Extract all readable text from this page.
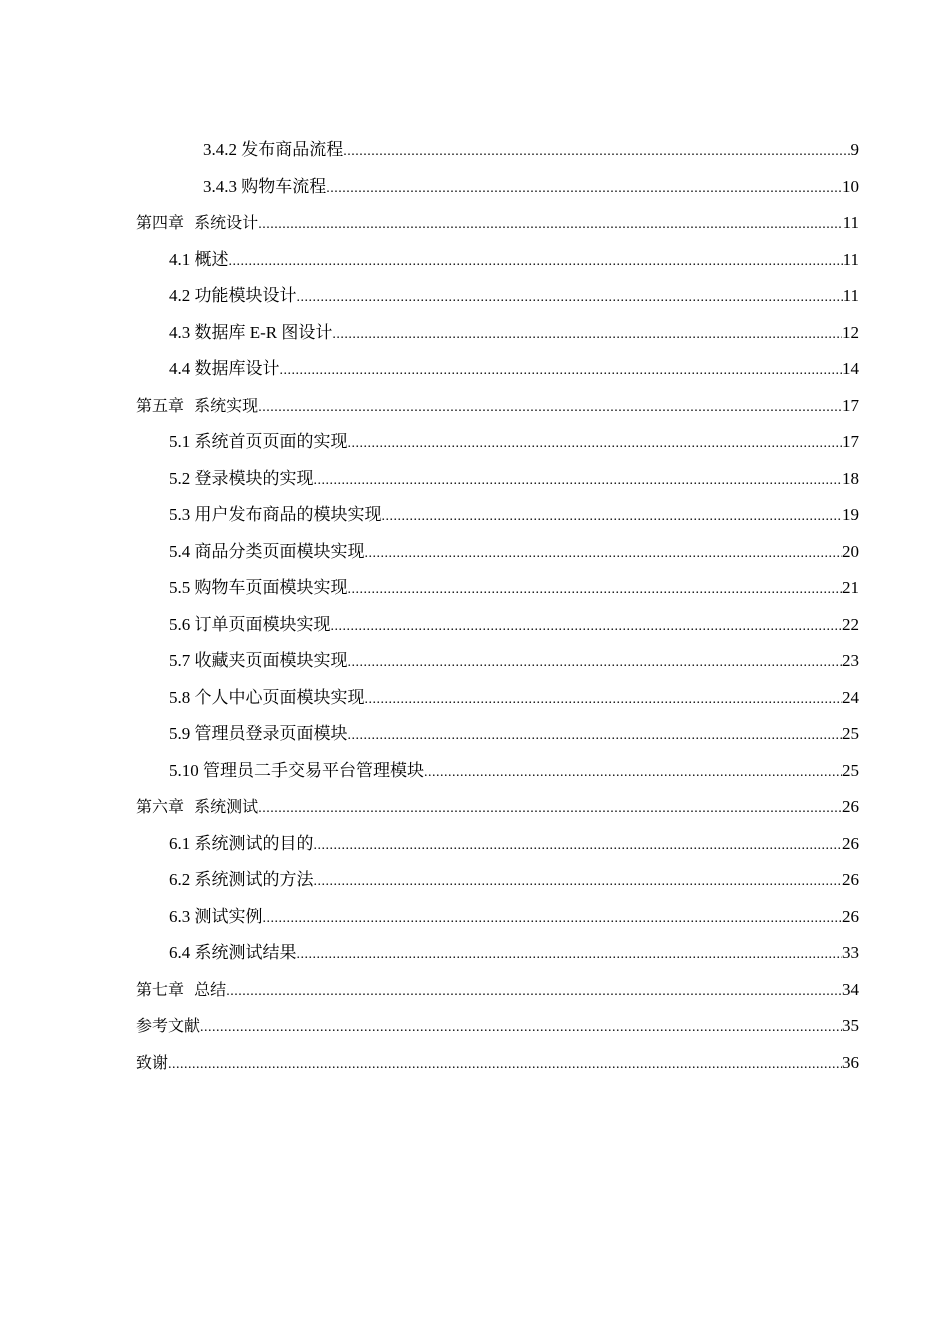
3.4.2 发布商品流程 .....	9
3.4.3 购物车流程 .....	10
第四章  系统设计 .....	11
4.1 概述 .....	11
4.2 功能模块设计 .....	11
4.3 数据库 E-R 图设计 .....	12
4.4 数据库设计 .....	14
第五章  系统实现 .....	17
5.1 系统首页页面的实现 .....	17
5.2 登录模块的实现 .....	18
5.3 用户发布商品的模块实现 .....	19
5.4 商品分类页面模块实现 .....	20
5.5 购物车页面模块实现 .....	21
5.6 订单页面模块实现 .....	22
5.7 收藏夹页面模块实现 .....	23
5.8 个人中心页面模块实现 .....	24
5.9 管理员登录页面模块 .....	25
5.10 管理员二手交易平台管理模块 .....	25
第六章  系统测试 .....	26
6.1 系统测试的目的 .....	26
6.2 系统测试的方法 .....	26
6.3 测试实例 .....	26
6.4 系统测试结果 .....	33
第七章  总结 .....	34
参考文献 .....	35
致谢 .....	36
